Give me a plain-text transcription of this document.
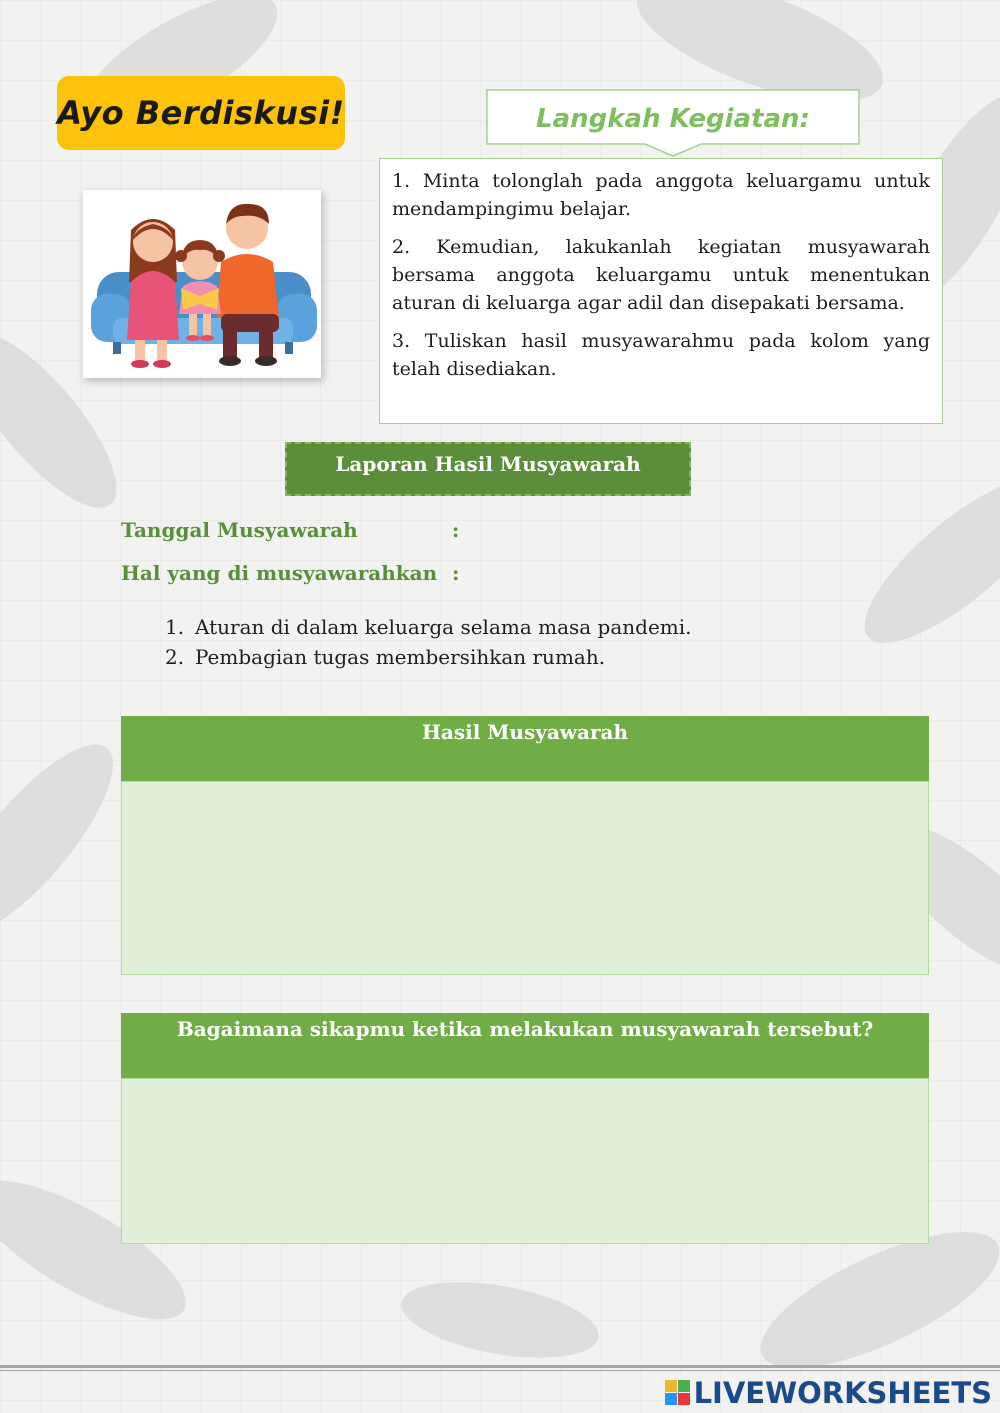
Ayo Berdiskusi!	Langkah Kegiatan:

1. Minta tolonglah pada anggota keluargamu untuk mendampingimu belajar.

2. Kemudian, lakukanlah kegiatan musyawarah bersama anggota keluargamu untuk menentukan aturan di keluarga agar adil dan disepakati bersama.

3. Tuliskan hasil musyawarahmu pada kolom yang telah disediakan.

Laporan Hasil Musyawarah
Tanggal Musyawarah	:
Hal yang di musyawarahkan :
1. Aturan di dalam keluarga selama masa pandemi.
2. Pembagian tugas membersihkan rumah.
Hasil Musyawarah
Bagaimana sikapmu ketika melakukan musyawarah tersebut?
LIVEWORKSHEETS
